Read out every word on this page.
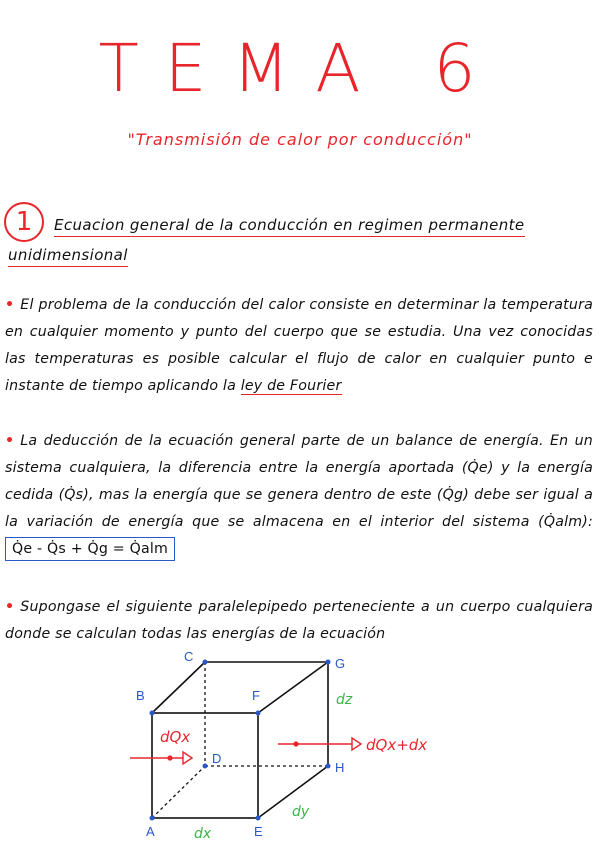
TEMA 6
"Transmisión de calor por conducción"
1	Ecuacion general de la conducción en regimen permanente
unidimensional
• El problema de la conducción del calor consiste en determinar la temperatura en cualquier momento y punto del cuerpo que se estudia. Una vez conocidas las temperaturas es posible calcular el flujo de calor en cualquier punto e instante de tiempo aplicando la ley de Fourier
• La deducción de la ecuación general parte de un balance de energía. En un sistema cualquiera, la diferencia entre la energía aportada (Q̇e) y la energía cedida (Q̇s), mas la energía que se genera dentro de este (Q̇g) debe ser igual a la variación de energía que se almacena en el interior del sistema (Q̇alm): Q̇e - Q̇s + Q̇g = Q̇alm
• Supongase el siguiente paralelepipedo perteneciente a un cuerpo cualquiera donde se calculan todas las energías de la ecuación
A
B
C
D
E
F
G
H
dx
dy
dz
dQx	dQx+dx
